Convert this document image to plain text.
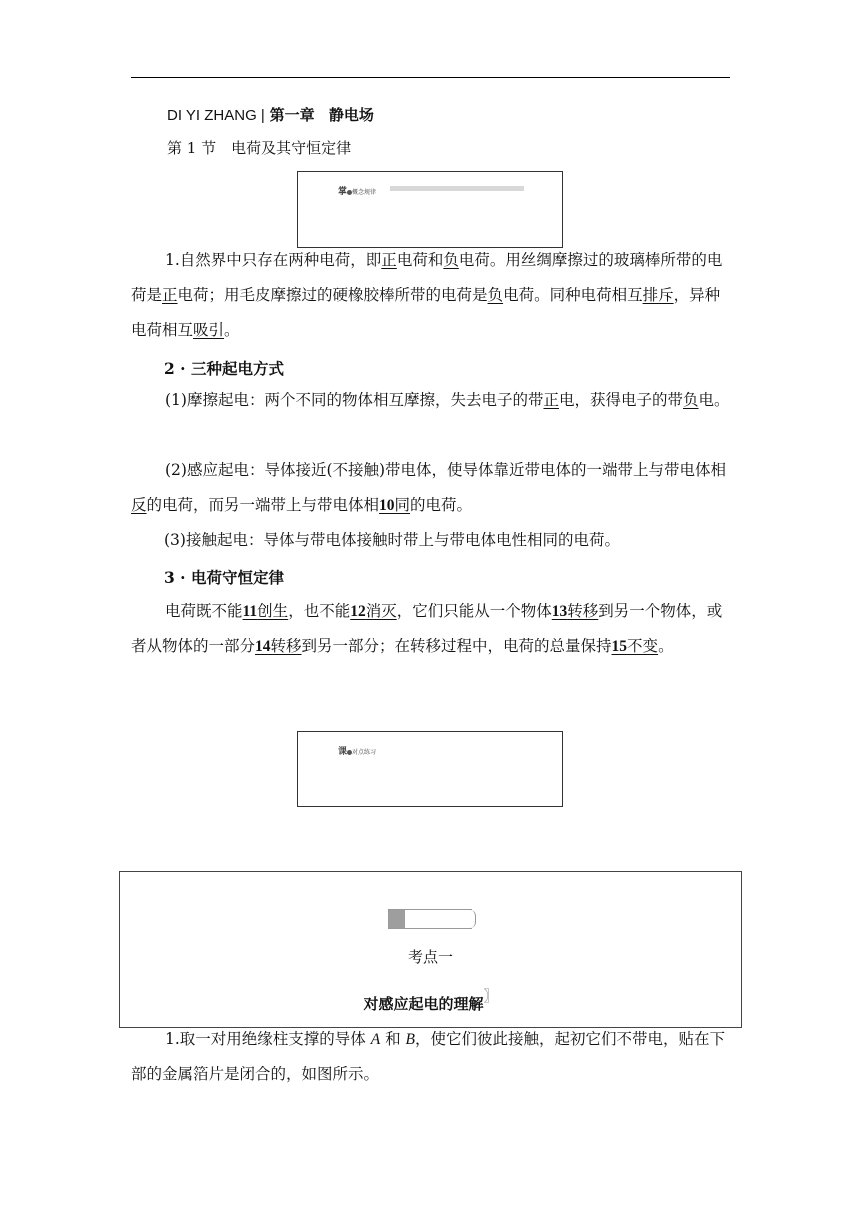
DI YI ZHANG | 第一章 静电场
第 1 节　电荷及其守恒定律
掌概念规律
1.自然界中只存在两种电荷，即正电荷和负电荷。用丝绸摩擦过的玻璃棒所带的电荷是正电荷；用毛皮摩擦过的硬橡胶棒所带的电荷是负电荷。同种电荷相互排斥，异种电荷相互吸引。
2 · 三种起电方式
(1)摩擦起电：两个不同的物体相互摩擦，失去电子的带正电，获得电子的带负电。
(2)感应起电：导体接近(不接触)带电体，使导体靠近带电体的一端带上与带电体相反的电荷，而另一端带上与带电体相10同的电荷。
(3)接触起电：导体与带电体接触时带上与带电体电性相同的电荷。
3 · 电荷守恒定律
电荷既不能11创生，也不能12消灭，它们只能从一个物体13转移到另一个物体，或者从物体的一部分14转移到另一部分；在转移过程中，电荷的总量保持15不变。
课对点练习
考点一
对感应起电的理解〗
1.取一对用绝缘柱支撑的导体 A 和 B，使它们彼此接触，起初它们不带电，贴在下部的金属箔片是闭合的，如图所示。
